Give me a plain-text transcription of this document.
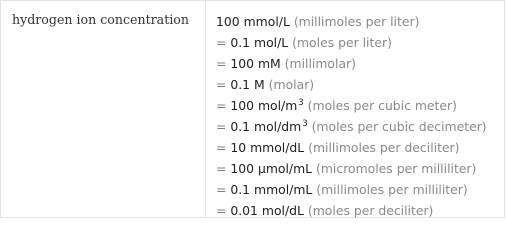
hydrogen ion concentration	100 mmol/L (millimoles per liter)
= 0.1 mol/L (moles per liter)
= 100 mM (millimolar)
= 0.1 M (molar)
= 100 mol/$m^3$ (moles per cubic meter)
= 0.1 mol/$dm^3$ (moles per cubic decimeter)
= 10 mmol/dL (millimoles per deciliter)
= 100 µmol/mL (micromoles per milliliter)
= 0.1 mmol/mL (millimoles per milliliter)
= 0.01 mol/dL (moles per deciliter)
